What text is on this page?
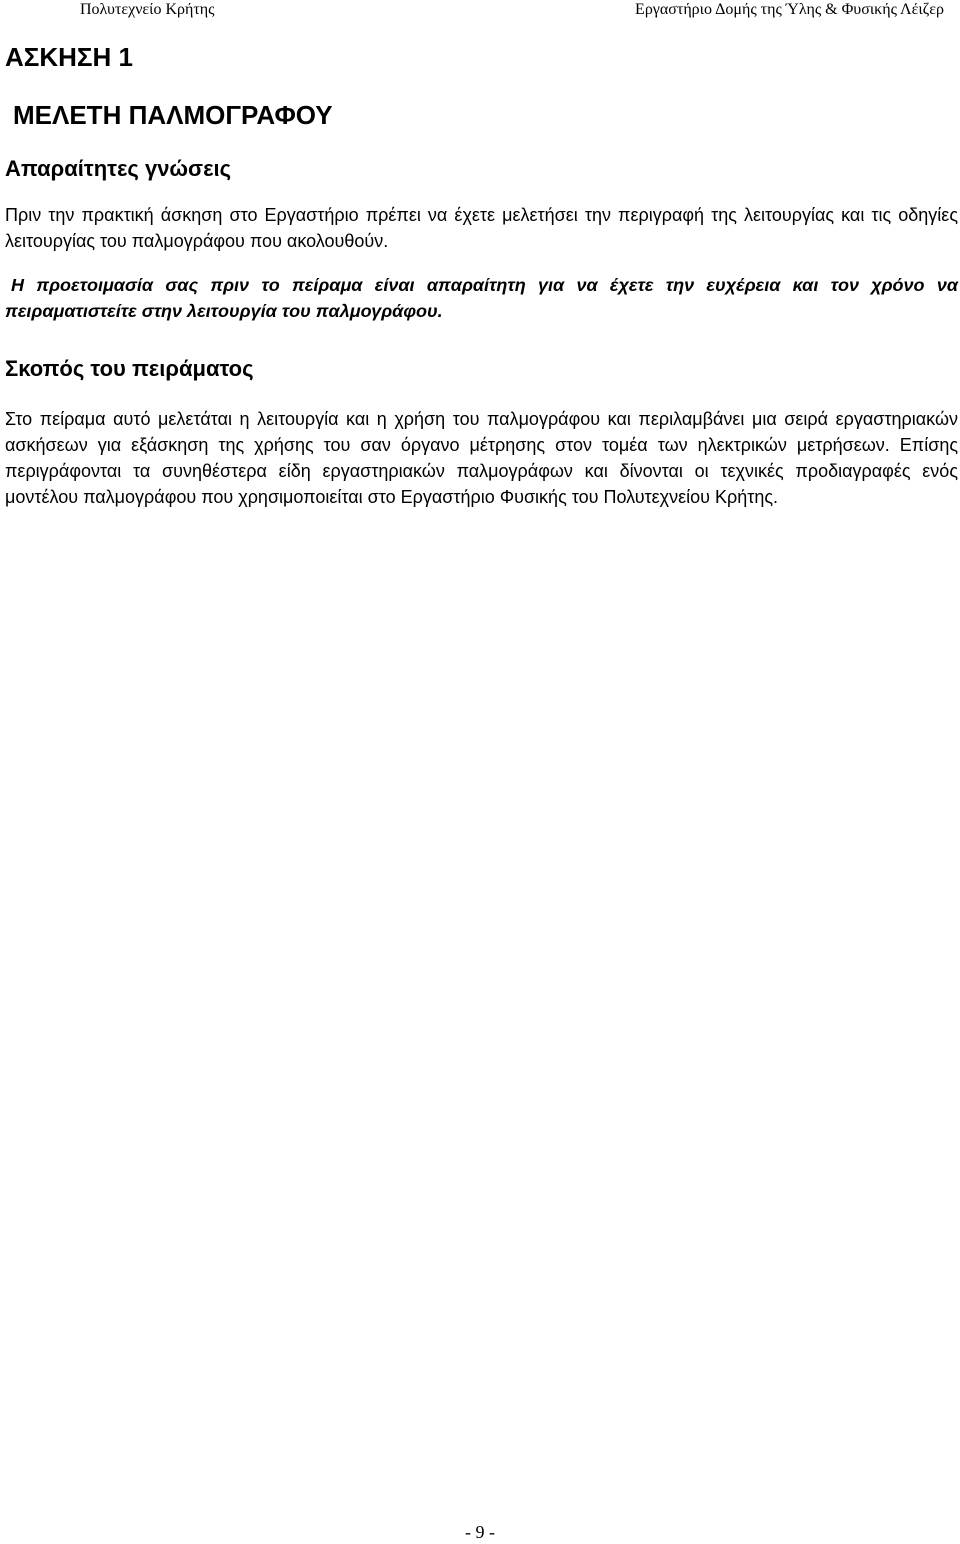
Πολυτεχνείο Κρήτης	Εργαστήριο Δομής της Ύλης & Φυσικής Λέιζερ
ΑΣΚΗΣΗ 1
ΜΕΛΕΤΗ ΠΑΛΜΟΓΡΑΦΟΥ
Απαραίτητες γνώσεις

Πριν την πρακτική άσκηση στο Εργαστήριο πρέπει να έχετε μελετήσει την περιγραφή της λειτουργίας και τις οδηγίες λειτουργίας του παλμογράφου που ακολουθούν.

Η προετοιμασία σας πριν το πείραμα είναι απαραίτητη για να έχετε την ευχέρεια και τον χρόνο να πειραματιστείτε στην λειτουργία του παλμογράφου.

Σκοπός του πειράματος

Στο πείραμα αυτό μελετάται η λειτουργία και η χρήση του παλμογράφου και περιλαμβάνει μια σειρά εργαστηριακών ασκήσεων για εξάσκηση της χρήσης του σαν όργανο μέτρησης στον τομέα των ηλεκτρικών μετρήσεων. Επίσης περιγράφονται τα συνηθέστερα είδη εργαστηριακών παλμογράφων και δίνονται οι τεχνικές προδιαγραφές ενός μοντέλου παλμογράφου που χρησιμοποιείται στο Εργαστήριο Φυσικής του Πολυτεχνείου Κρήτης.

- 9 -
